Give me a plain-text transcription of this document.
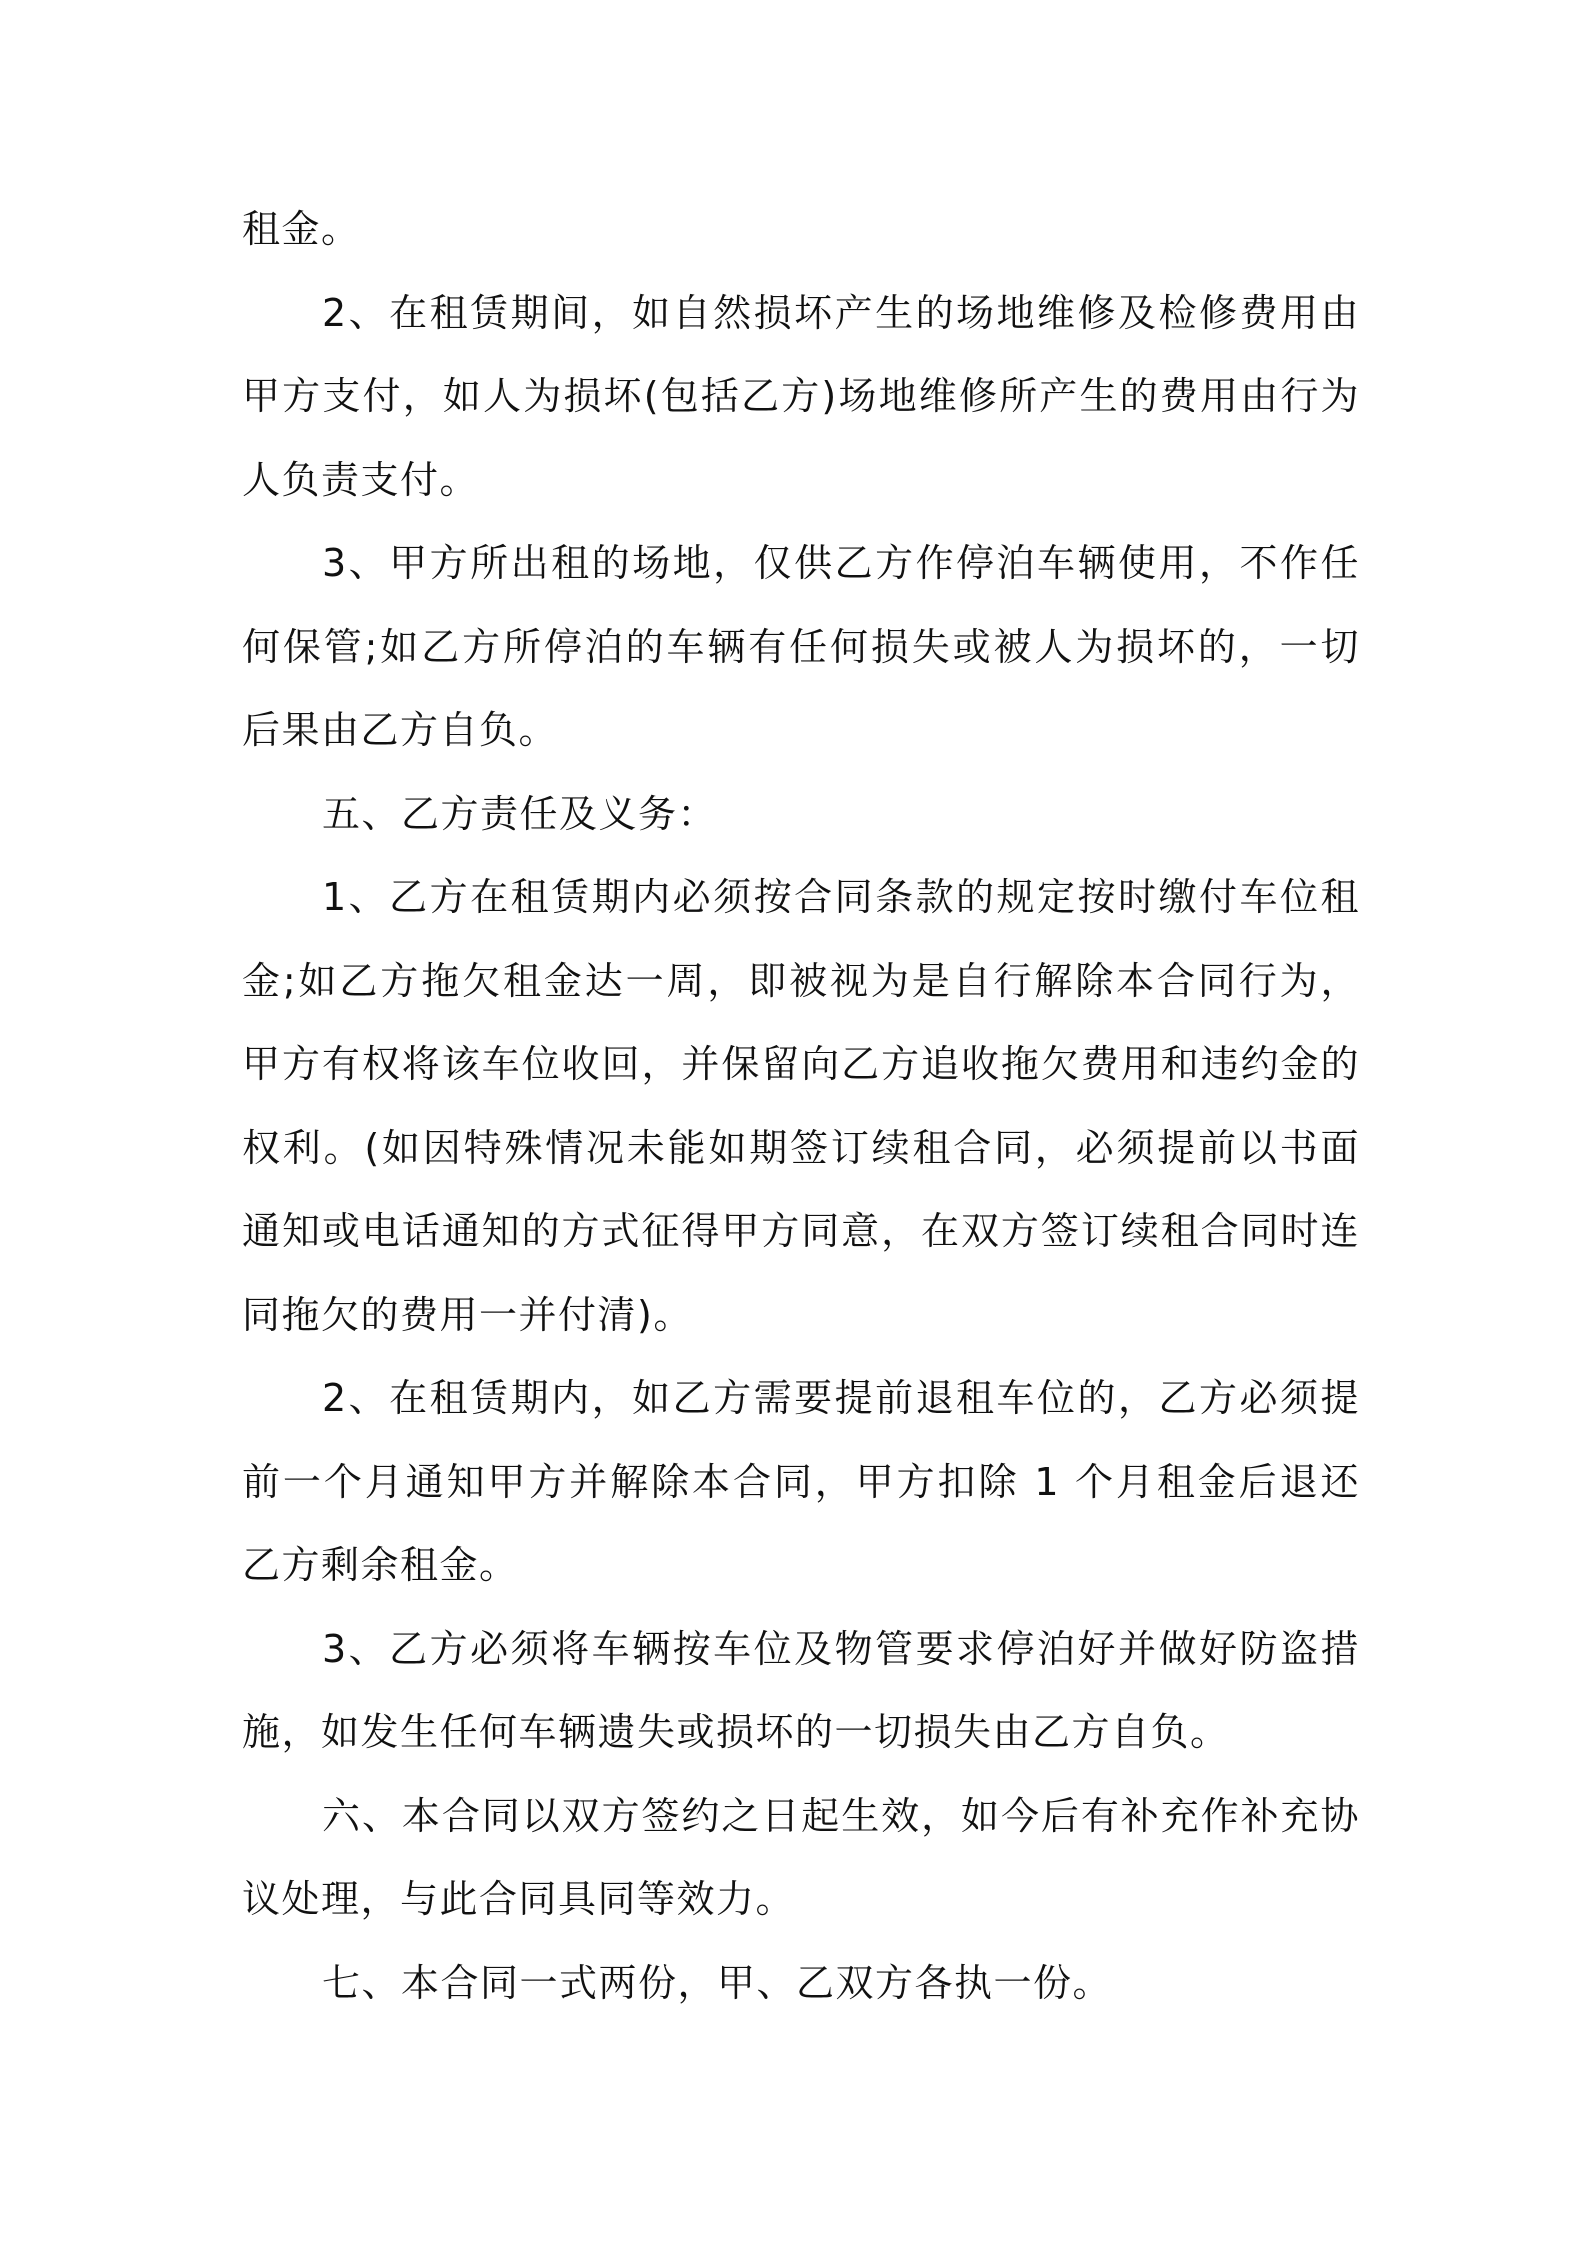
租金。

2、在租赁期间，如自然损坏产生的场地维修及检修费用由甲方支付，如人为损坏(包括乙方)场地维修所产生的费用由行为人负责支付。

3、甲方所出租的场地，仅供乙方作停泊车辆使用，不作任何保管;如乙方所停泊的车辆有任何损失或被人为损坏的，一切后果由乙方自负。

五、乙方责任及义务：

1、乙方在租赁期内必须按合同条款的规定按时缴付车位租金;如乙方拖欠租金达一周，即被视为是自行解除本合同行为，甲方有权将该车位收回，并保留向乙方追收拖欠费用和违约金的权利。(如因特殊情况未能如期签订续租合同，必须提前以书面通知或电话通知的方式征得甲方同意，在双方签订续租合同时连同拖欠的费用一并付清)。

2、在租赁期内，如乙方需要提前退租车位的，乙方必须提前一个月通知甲方并解除本合同，甲方扣除 1 个月租金后退还乙方剩余租金。

3、乙方必须将车辆按车位及物管要求停泊好并做好防盗措施，如发生任何车辆遗失或损坏的一切损失由乙方自负。

六、本合同以双方签约之日起生效，如今后有补充作补充协议处理，与此合同具同等效力。

七、本合同一式两份，甲、乙双方各执一份。
